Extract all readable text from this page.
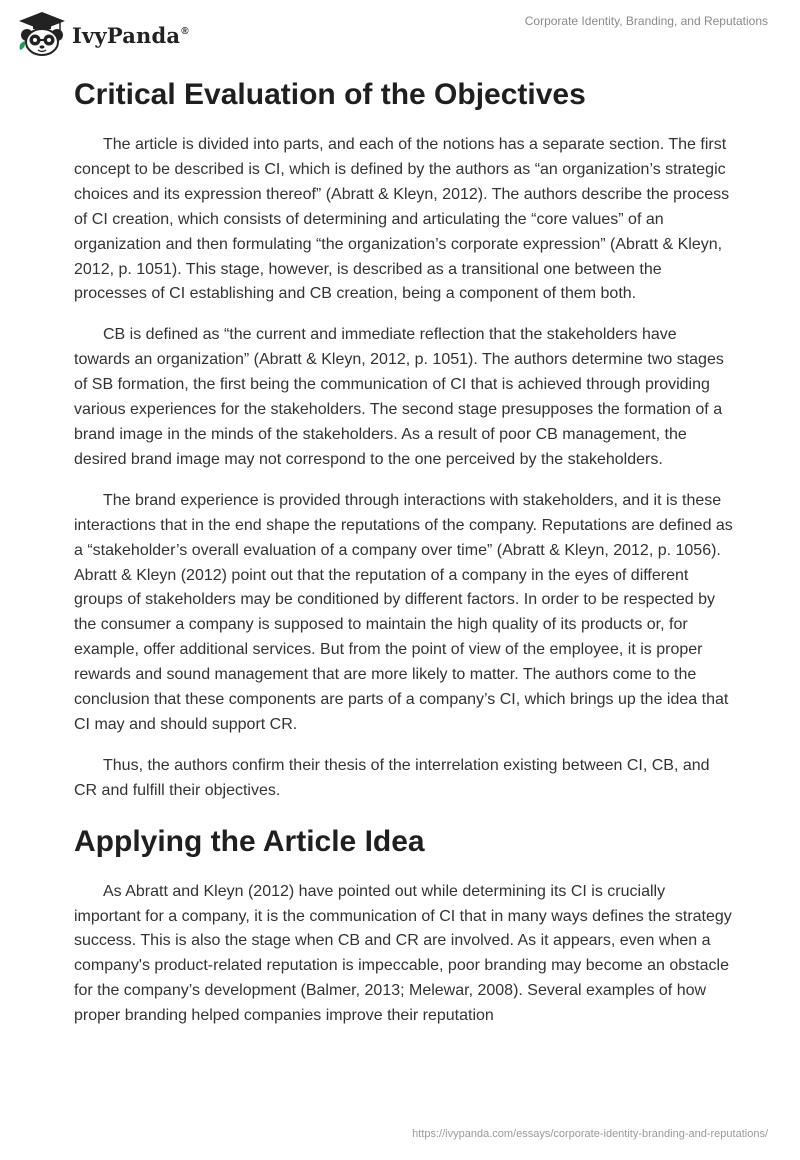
IvyPanda®
Corporate Identity, Branding, and Reputations
Critical Evaluation of the Objectives

The article is divided into parts, and each of the notions has a separate section. The first concept to be described is CI, which is defined by the authors as “an organization’s strategic choices and its expression thereof” (Abratt & Kleyn, 2012). The authors describe the process of CI creation, which consists of determining and articulating the “core values” of an organization and then formulating “the organization’s corporate expression” (Abratt & Kleyn, 2012, p. 1051). This stage, however, is described as a transitional one between the processes of CI establishing and CB creation, being a component of them both.

CB is defined as “the current and immediate reflection that the stakeholders have towards an organization” (Abratt & Kleyn, 2012, p. 1051). The authors determine two stages of SB formation, the first being the communication of CI that is achieved through providing various experiences for the stakeholders. The second stage presupposes the formation of a brand image in the minds of the stakeholders. As a result of poor CB management, the desired brand image may not correspond to the one perceived by the stakeholders.

The brand experience is provided through interactions with stakeholders, and it is these interactions that in the end shape the reputations of the company. Reputations are defined as a “stakeholder’s overall evaluation of a company over time” (Abratt & Kleyn, 2012, p. 1056). Abratt & Kleyn (2012) point out that the reputation of a company in the eyes of different groups of stakeholders may be conditioned by different factors. In order to be respected by the consumer a company is supposed to maintain the high quality of its products or, for example, offer additional services. But from the point of view of the employee, it is proper rewards and sound management that are more likely to matter. The authors come to the conclusion that these components are parts of a company’s CI, which brings up the idea that CI may and should support CR.

Thus, the authors confirm their thesis of the interrelation existing between CI, CB, and CR and fulfill their objectives.

Applying the Article Idea

As Abratt and Kleyn (2012) have pointed out while determining its CI is crucially important for a company, it is the communication of CI that in many ways defines the strategy success. This is also the stage when CB and CR are involved. As it appears, even when a company's product-related reputation is impeccable, poor branding may become an obstacle for the company’s development (Balmer, 2013; Melewar, 2008). Several examples of how proper branding helped companies improve their reputation

https://ivypanda.com/essays/corporate-identity-branding-and-reputations/
